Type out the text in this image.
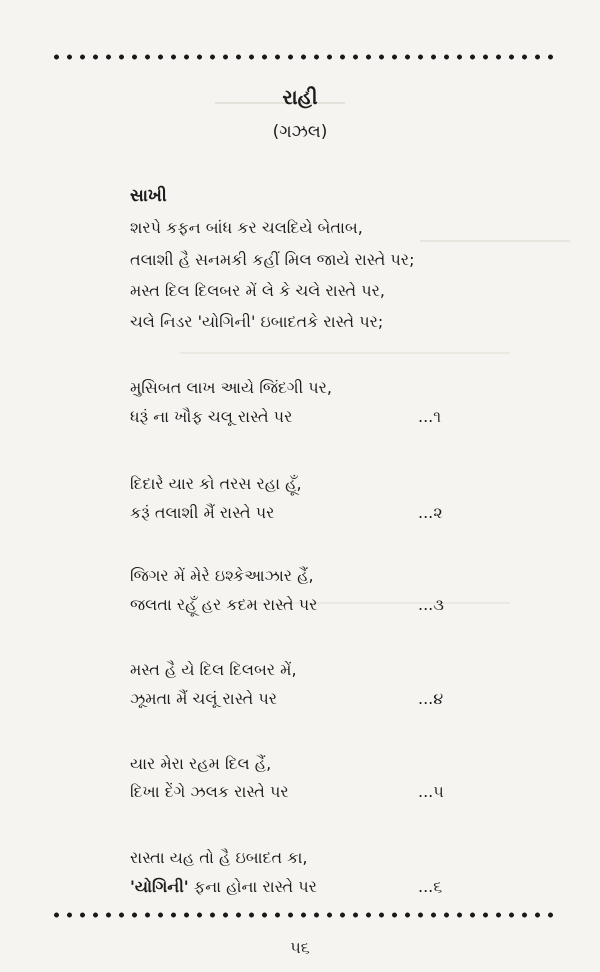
રાહી
(ગઝલ)
સાખી
શરપે કફન બાંધ કર ચલદિયે બેતાબ,
તલાશી હૈ સનમકી કહીં મિલ જાયે રાસ્તે પર;
મસ્ત દિલ દિલબર મેં લે કે ચલે રાસ્તે પર,
ચલે નિડર 'યોગિની' ઇબાદતકે રાસ્તે પર;
મુસિબત લાખ આયે જિંદગી પર,
ધરૂં ના ખૌફ ચલૂ રાસ્તે પર	...૧
દિદારે યાર કો તરસ રહા હૂઁ,
કરૂં તલાશી મૈં રાસ્તે પર	...૨
જિગર મેં મેરે ઇશ્કેઆઝાર હૈં,
જલતા રહૂઁ હર કદમ રાસ્તે પર	...૩
મસ્ત હૈ યે દિલ દિલબર મેં,
ઝૂમતા મૈં ચલૂં રાસ્તે પર	...૪
યાર મેરા રહમ દિલ હૈં,
દિખા દેંગે ઝલક રાસ્તે પર	...૫
રાસ્તા યહ તો હૈ ઇબાદત કા,
'યોગિની' ફના હોના રાસ્તે પર	...૬
૫૬
